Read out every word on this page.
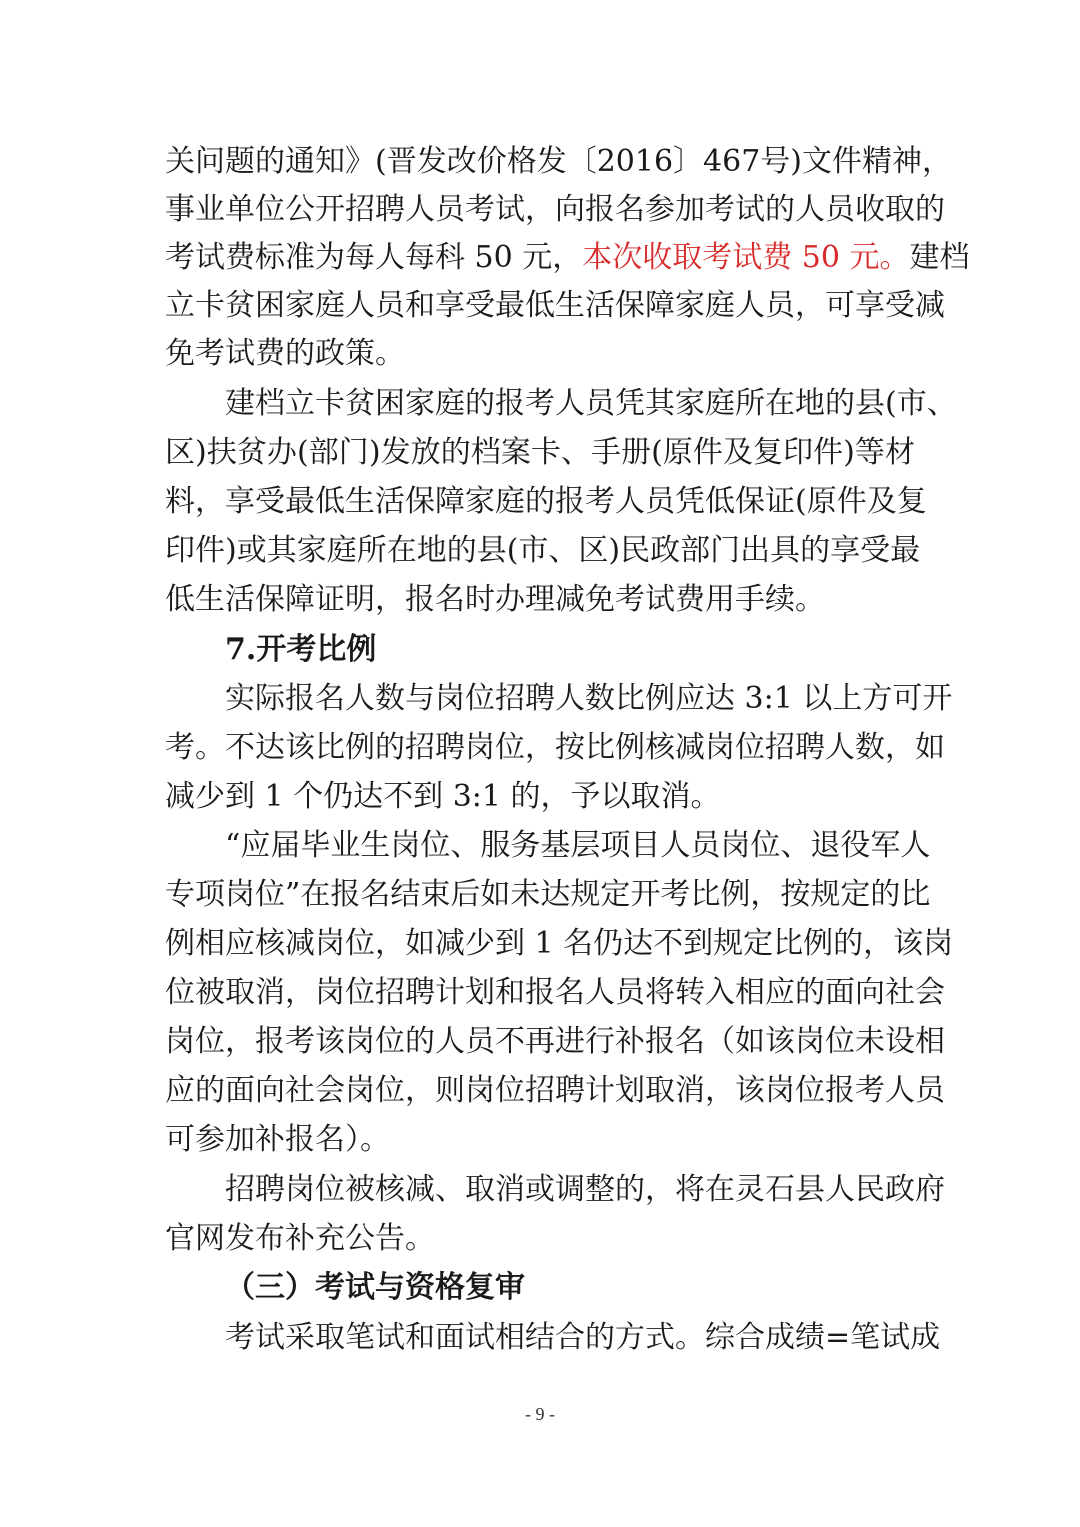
关问题的通知》(晋发改价格发〔2016〕467号)文件精神，
事业单位公开招聘人员考试，向报名参加考试的人员收取的
考试费标准为每人每科 50 元，本次收取考试费 50 元。建档
立卡贫困家庭人员和享受最低生活保障家庭人员，可享受减
免考试费的政策。
建档立卡贫困家庭的报考人员凭其家庭所在地的县(市、
区)扶贫办(部门)发放的档案卡、手册(原件及复印件)等材
料，享受最低生活保障家庭的报考人员凭低保证(原件及复
印件)或其家庭所在地的县(市、区)民政部门出具的享受最
低生活保障证明，报名时办理减免考试费用手续。
7.开考比例
实际报名人数与岗位招聘人数比例应达 3:1 以上方可开
考。不达该比例的招聘岗位，按比例核减岗位招聘人数，如
减少到 1 个仍达不到 3:1 的，予以取消。
“应届毕业生岗位、服务基层项目人员岗位、退役军人
专项岗位”在报名结束后如未达规定开考比例，按规定的比
例相应核减岗位，如减少到 1 名仍达不到规定比例的，该岗
位被取消，岗位招聘计划和报名人员将转入相应的面向社会
岗位，报考该岗位的人员不再进行补报名（如该岗位未设相
应的面向社会岗位，则岗位招聘计划取消，该岗位报考人员
可参加补报名）。
招聘岗位被核减、取消或调整的，将在灵石县人民政府
官网发布补充公告。
（三）考试与资格复审
考试采取笔试和面试相结合的方式。综合成绩=笔试成
- 9 -
